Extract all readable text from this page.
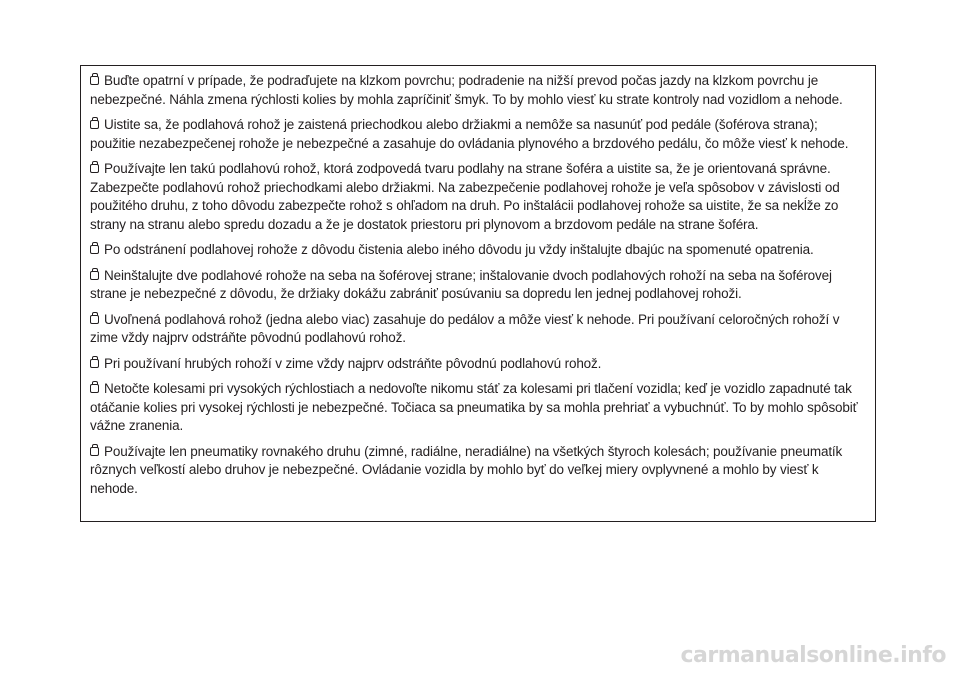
Buďte opatrní v prípade, že podraďujete na klzkom povrchu; podradenie na nižší prevod počas jazdy na klzkom povrchu je nebezpečné. Náhla zmena rýchlosti kolies by mohla zapríčiniť šmyk. To by mohlo viesť ku strate kontroly nad vozidlom a nehode.

Uistite sa, že podlahová rohož je zaistená priechodkou alebo držiakmi a nemôže sa nasunúť pod pedále (šoférova strana); použitie nezabezpečenej rohože je nebezpečné a zasahuje do ovládania plynového a brzdového pedálu, čo môže viesť k nehode.

Používajte len takú podlahovú rohož, ktorá zodpovedá tvaru podlahy na strane šoféra a uistite sa, že je orientovaná správne. Zabezpečte podlahovú rohož priechodkami alebo držiakmi. Na zabezpečenie podlahovej rohože je veľa spôsobov v závislosti od použitého druhu, z toho dôvodu zabezpečte rohož s ohľadom na druh. Po inštalácii podlahovej rohože sa uistite, že sa nekĺže zo strany na stranu alebo spredu dozadu a že je dostatok priestoru pri plynovom a brzdovom pedále na strane šoféra.

Po odstránení podlahovej rohože z dôvodu čistenia alebo iného dôvodu ju vždy inštalujte dbajúc na spomenuté opatrenia.

Neinštalujte dve podlahové rohože na seba na šoférovej strane; inštalovanie dvoch podlahových rohoží na seba na šoférovej strane je nebezpečné z dôvodu, že držiaky dokážu zabrániť posúvaniu sa dopredu len jednej podlahovej rohoži.

Uvoľnená podlahová rohož (jedna alebo viac) zasahuje do pedálov a môže viesť k nehode. Pri používaní celoročných rohoží v zime vždy najprv odstráňte pôvodnú podlahovú rohož.

Pri používaní hrubých rohoží v zime vždy najprv odstráňte pôvodnú podlahovú rohož.

Netočte kolesami pri vysokých rýchlostiach a nedovoľte nikomu stáť za kolesami pri tlačení vozidla; keď je vozidlo zapadnuté tak otáčanie kolies pri vysokej rýchlosti je nebezpečné. Točiaca sa pneumatika by sa mohla prehriať a vybuchnúť. To by mohlo spôsobiť vážne zranenia.

Používajte len pneumatiky rovnakého druhu (zimné, radiálne, neradiálne) na všetkých štyroch kolesách; používanie pneumatík rôznych veľkostí alebo druhov je nebezpečné. Ovládanie vozidla by mohlo byť do veľkej miery ovplyvnené a mohlo by viesť k nehode.

carmanualsonline.info
